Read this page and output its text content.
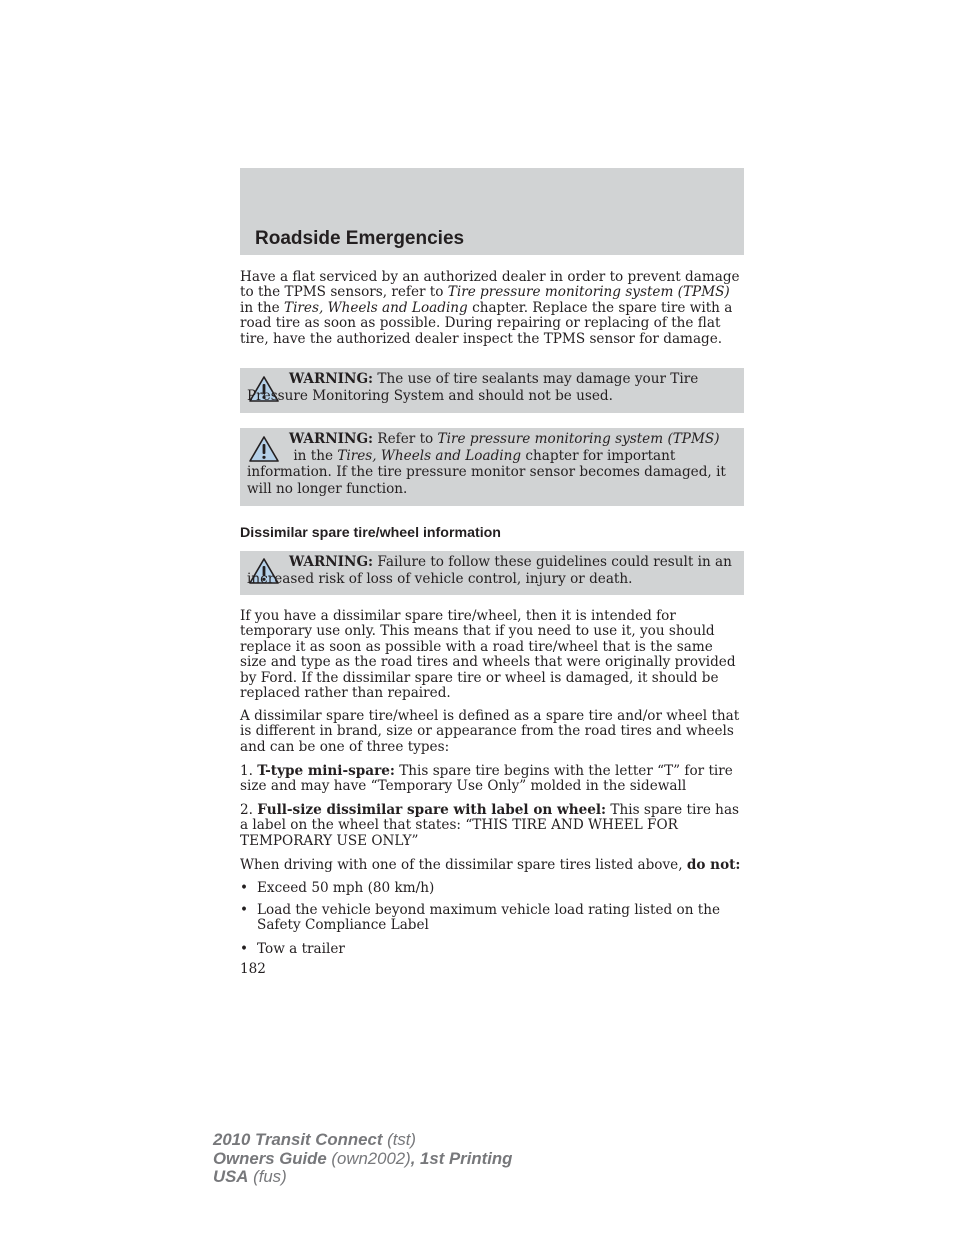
Roadside Emergencies
Have a flat serviced by an authorized dealer in order to prevent damage to the TPMS sensors, refer to Tire pressure monitoring system (TPMS) in the Tires, Wheels and Loading chapter. Replace the spare tire with a road tire as soon as possible. During repairing or replacing of the flat tire, have the authorized dealer inspect the TPMS sensor for damage.
WARNING: The use of tire sealants may damage your Tire Pressure Monitoring System and should not be used.
WARNING: Refer to Tire pressure monitoring system (TPMS)
in the Tires, Wheels and Loading chapter for important information. If the tire pressure monitor sensor becomes damaged, it will no longer function.
Dissimilar spare tire/wheel information
WARNING: Failure to follow these guidelines could result in an increased risk of loss of vehicle control, injury or death.
If you have a dissimilar spare tire/wheel, then it is intended for temporary use only. This means that if you need to use it, you should replace it as soon as possible with a road tire/wheel that is the same size and type as the road tires and wheels that were originally provided by Ford. If the dissimilar spare tire or wheel is damaged, it should be replaced rather than repaired.
A dissimilar spare tire/wheel is defined as a spare tire and/or wheel that is different in brand, size or appearance from the road tires and wheels and can be one of three types:
1. T-type mini-spare: This spare tire begins with the letter “T” for tire size and may have “Temporary Use Only” molded in the sidewall
2. Full-size dissimilar spare with label on wheel: This spare tire has a label on the wheel that states: “THIS TIRE AND WHEEL FOR TEMPORARY USE ONLY”
When driving with one of the dissimilar spare tires listed above, do not:
• Exceed 50 mph (80 km/h)
• Load the vehicle beyond maximum vehicle load rating listed on the Safety Compliance Label
• Tow a trailer
182
2010 Transit Connect (tst)
Owners Guide (own2002), 1st Printing
USA (fus)
